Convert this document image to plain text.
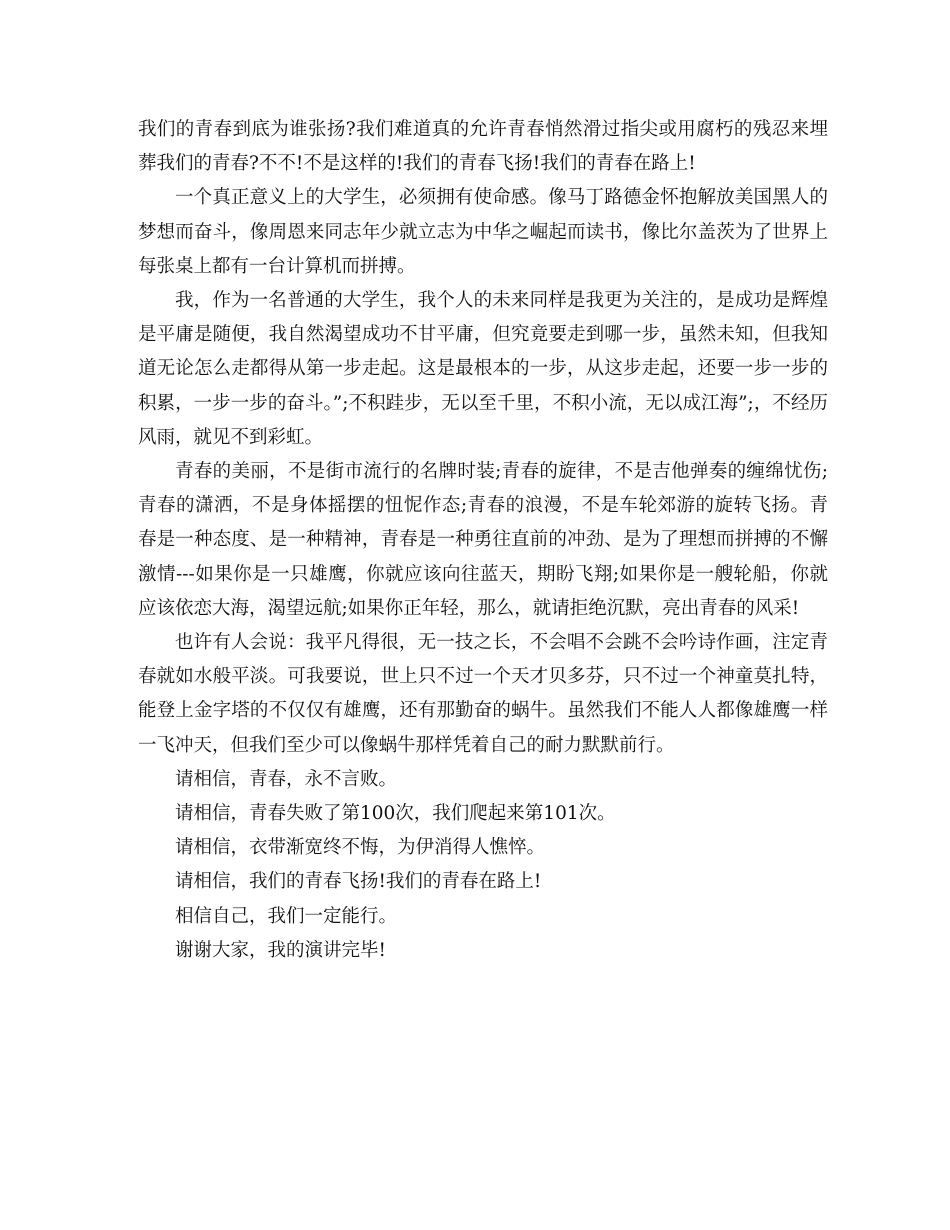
我们的青春到底为谁张扬?我们难道真的允许青春悄然滑过指尖或用腐朽的残忍来埋葬我们的青春?不不!不是这样的!我们的青春飞扬!我们的青春在路上!

一个真正意义上的大学生，必须拥有使命感。像马丁路德金怀抱解放美国黑人的梦想而奋斗，像周恩来同志年少就立志为中华之崛起而读书，像比尔盖茨为了世界上每张桌上都有一台计算机而拼搏。

我，作为一名普通的大学生，我个人的未来同样是我更为关注的，是成功是辉煌是平庸是随便，我自然渴望成功不甘平庸，但究竟要走到哪一步，虽然未知，但我知道无论怎么走都得从第一步走起。这是最根本的一步，从这步走起，还要一步一步的积累，一步一步的奋斗。”;不积跬步，无以至千里，不积小流，无以成江海”;，不经历风雨，就见不到彩虹。

青春的美丽，不是街市流行的名牌时装;青春的旋律，不是吉他弹奏的缠绵忧伤;青春的潇洒，不是身体摇摆的忸怩作态;青春的浪漫，不是车轮郊游的旋转飞扬。青春是一种态度、是一种精神，青春是一种勇往直前的冲劲、是为了理想而拼搏的不懈激情---如果你是一只雄鹰，你就应该向往蓝天，期盼飞翔;如果你是一艘轮船，你就应该依恋大海，渴望远航;如果你正年轻，那么，就请拒绝沉默，亮出青春的风采!

也许有人会说：我平凡得很，无一技之长，不会唱不会跳不会吟诗作画，注定青春就如水般平淡。可我要说，世上只不过一个天才贝多芬，只不过一个神童莫扎特，能登上金字塔的不仅仅有雄鹰，还有那勤奋的蜗牛。虽然我们不能人人都像雄鹰一样一飞冲天，但我们至少可以像蜗牛那样凭着自己的耐力默默前行。

请相信，青春，永不言败。

请相信，青春失败了第100次，我们爬起来第101次。

请相信，衣带渐宽终不悔，为伊消得人憔悴。

请相信，我们的青春飞扬!我们的青春在路上!

相信自己，我们一定能行。

谢谢大家，我的演讲完毕!
